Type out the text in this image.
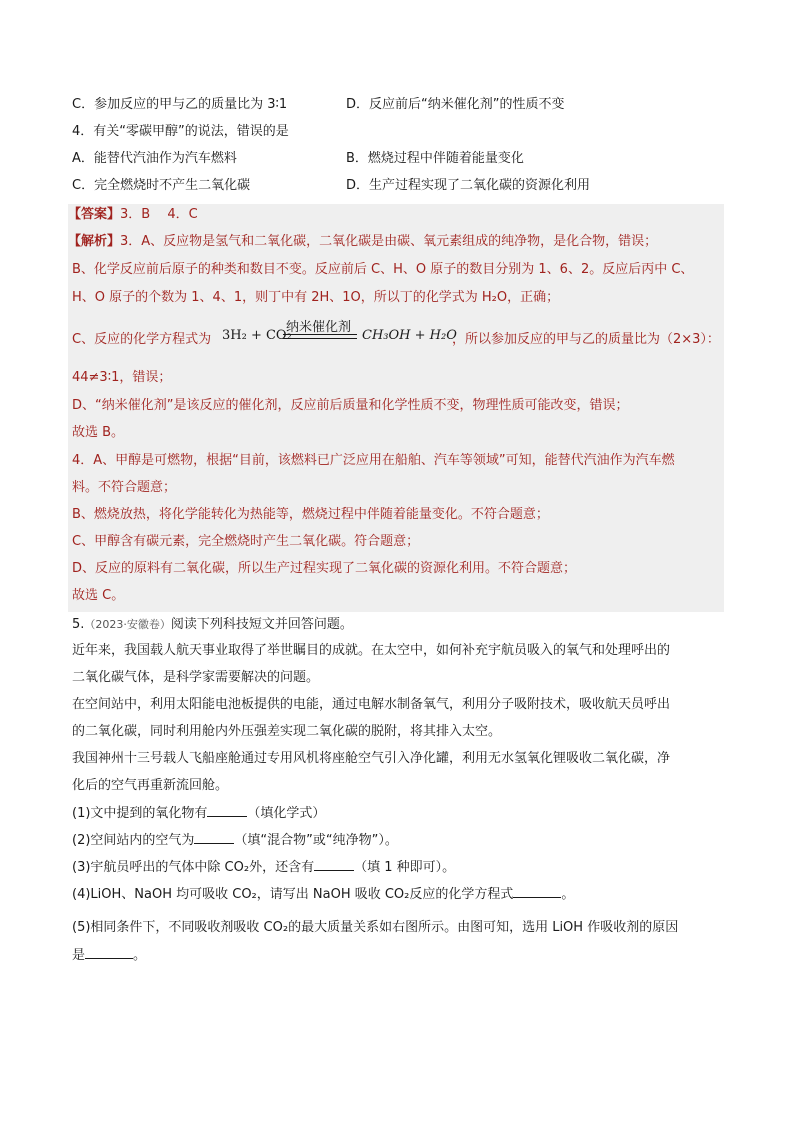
C．参加反应的甲与乙的质量比为 3∶1	D．反应前后“纳米催化剂”的性质不变
4．有关“零碳甲醇”的说法，错误的是
A．能替代汽油作为汽车燃料	B．燃烧过程中伴随着能量变化
C．完全燃烧时不产生二氧化碳	D．生产过程实现了二氧化碳的资源化利用
【答案】3．B　 4．C
【解析】3．A、反应物是氢气和二氧化碳，二氧化碳是由碳、氧元素组成的纯净物，是化合物，错误；
B、化学反应前后原子的种类和数目不变。反应前后 C、H、O 原子的数目分别为 1、6、2。反应后丙中 C、
H、O 原子的个数为 1、4、1，则丁中有 2H、1O，所以丁的化学式为 H₂O，正确；
C、反应的化学方程式为 3H₂ + CO₂
纳米催化剂
CH₃OH + H₂O
，所以参加反应的甲与乙的质量比为（2×3）：
44≠3∶1，错误；
D、“纳米催化剂”是该反应的催化剂，反应前后质量和化学性质不变，物理性质可能改变，错误；
故选 B。
4．A、甲醇是可燃物，根据“目前，该燃料已广泛应用在船舶、汽车等领域”可知，能替代汽油作为汽车燃
料。不符合题意；
B、燃烧放热，将化学能转化为热能等，燃烧过程中伴随着能量变化。不符合题意；
C、甲醇含有碳元素，完全燃烧时产生二氧化碳。符合题意；
D、反应的原料有二氧化碳，所以生产过程实现了二氧化碳的资源化利用。不符合题意；
故选 C。
5.（2023·安徽卷）阅读下列科技短文并回答问题。
近年来，我国载人航天事业取得了举世瞩目的成就。在太空中，如何补充宇航员吸入的氧气和处理呼出的
二氧化碳气体，是科学家需要解决的问题。
在空间站中，利用太阳能电池板提供的电能，通过电解水制备氧气，利用分子吸附技术，吸收航天员呼出
的二氧化碳，同时利用舱内外压强差实现二氧化碳的脱附，将其排入太空。
我国神州十三号载人飞船座舱通过专用风机将座舱空气引入净化罐，利用无水氢氧化锂吸收二氧化碳，净
化后的空气再重新流回舱。
(1)文中提到的氧化物有	（填化学式）
(2)空间站内的空气为	（填“混合物”或“纯净物”）。
(3)宇航员呼出的气体中除 CO₂外，还含有	（填 1 种即可）。
(4)LiOH、NaOH 均可吸收 CO₂，请写出 NaOH 吸收 CO₂反应的化学方程式	。
(5)相同条件下，不同吸收剂吸收 CO₂的最大质量关系如右图所示。由图可知，选用 LiOH 作吸收剂的原因
是	。
